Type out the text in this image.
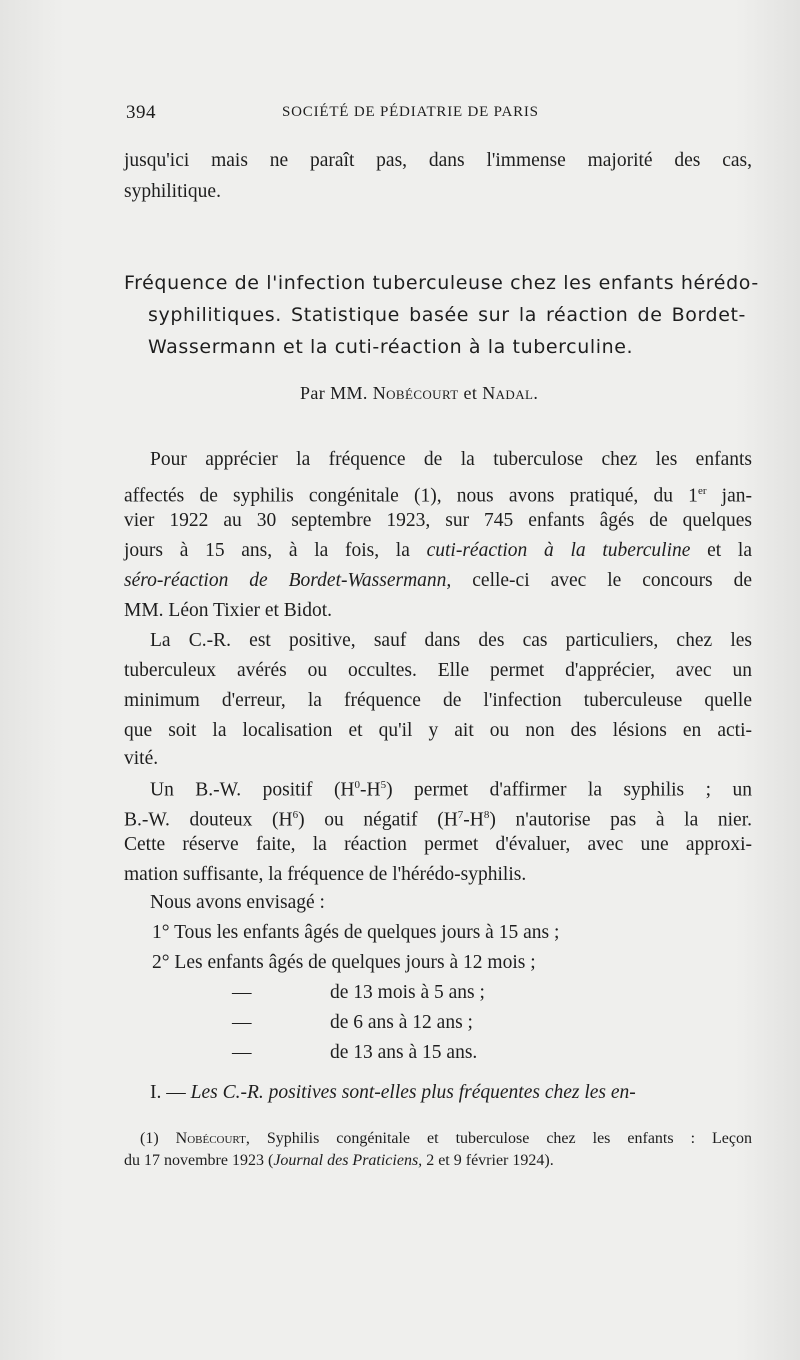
394	SOCIÉTÉ DE PÉDIATRIE DE PARIS
jusqu'ici mais ne paraît pas, dans l'immense majorité des cas,
syphilitique.
Fréquence de l'infection tuberculeuse chez les enfants hérédo-
syphilitiques. Statistique basée sur la réaction de Bordet-
Wassermann et la cuti-réaction à la tuberculine.
Par MM. Nobécourt et Nadal.
Pour apprécier la fréquence de la tuberculose chez les enfants
affectés de syphilis congénitale (1), nous avons pratiqué, du 1er jan-
vier 1922 au 30 septembre 1923, sur 745 enfants âgés de quelques
jours à 15 ans, à la fois, la cuti-réaction à la tuberculine et la
séro-réaction de Bordet-Wassermann, celle-ci avec le concours de
MM. Léon Tixier et Bidot.
La C.-R. est positive, sauf dans des cas particuliers, chez les
tuberculeux avérés ou occultes. Elle permet d'apprécier, avec un
minimum d'erreur, la fréquence de l'infection tuberculeuse quelle
que soit la localisation et qu'il y ait ou non des lésions en acti-
vité.
Un B.-W. positif $(H^0-H^5)$ permet d'affirmer la syphilis ; un
B.-W. douteux $(H^6)$ ou négatif $(H^7-H^8)$ n'autorise pas à la nier.
Cette réserve faite, la réaction permet d'évaluer, avec une approxi-
mation suffisante, la fréquence de l'hérédo-syphilis.
Nous avons envisagé :
1° Tous les enfants âgés de quelques jours à 15 ans ;
2° Les enfants âgés de quelques jours à 12 mois ;
—	de 13 mois à 5 ans ;
—	de 6 ans à 12 ans ;
—	de 13 ans à 15 ans.
I. — Les C.-R. positives sont-elles plus fréquentes chez les en-
(1) Nobécourt, Syphilis congénitale et tuberculose chez les enfants : Leçon
du 17 novembre 1923 (Journal des Praticiens, 2 et 9 février 1924).
